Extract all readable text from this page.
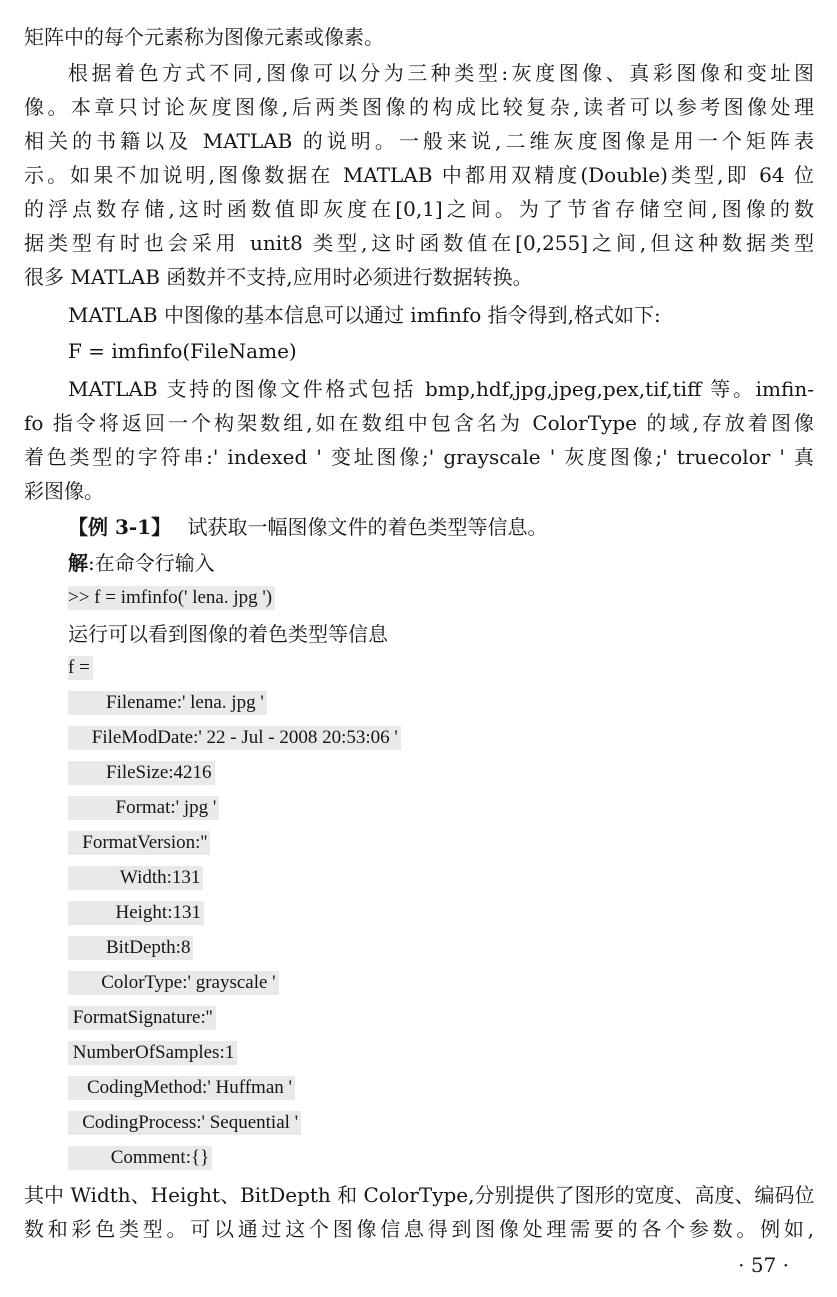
矩阵中的每个元素称为图像元素或像素。
根据着色方式不同,图像可以分为三种类型:灰度图像、真彩图像和变址图
像。本章只讨论灰度图像,后两类图像的构成比较复杂,读者可以参考图像处理
相关的书籍以及 MATLAB 的说明。一般来说,二维灰度图像是用一个矩阵表
示。如果不加说明,图像数据在 MATLAB 中都用双精度(Double)类型,即 64 位
的浮点数存储,这时函数值即灰度在[0,1]之间。为了节省存储空间,图像的数
据类型有时也会采用 unit8 类型,这时函数值在[0,255]之间,但这种数据类型
很多 MATLAB 函数并不支持,应用时必须进行数据转换。
MATLAB 中图像的基本信息可以通过 imfinfo 指令得到,格式如下:
F = imfinfo(FileName)
MATLAB 支持的图像文件格式包括 bmp,hdf,jpg,jpeg,pex,tif,tiff 等。imfin-
fo 指令将返回一个构架数组,如在数组中包含名为 ColorType 的域,存放着图像
着色类型的字符串:' indexed ' 变址图像;' grayscale ' 灰度图像;' truecolor ' 真
彩图像。
【例 3-1】 试获取一幅图像文件的着色类型等信息。
解:在命令行输入
>> f = imfinfo(' lena. jpg ')
运行可以看到图像的着色类型等信息
f =
Filename:' lena. jpg '
FileModDate:' 22 - Jul - 2008 20:53:06 '
FileSize:4216
Format:' jpg '
FormatVersion:''
Width:131
Height:131
BitDepth:8
ColorType:' grayscale '
FormatSignature:''
NumberOfSamples:1
CodingMethod:' Huffman '
CodingProcess:' Sequential '
Comment:{}
其中 Width、Height、BitDepth 和 ColorType,分别提供了图形的宽度、高度、编码位
数和彩色类型。可以通过这个图像信息得到图像处理需要的各个参数。例如,
· 57 ·
